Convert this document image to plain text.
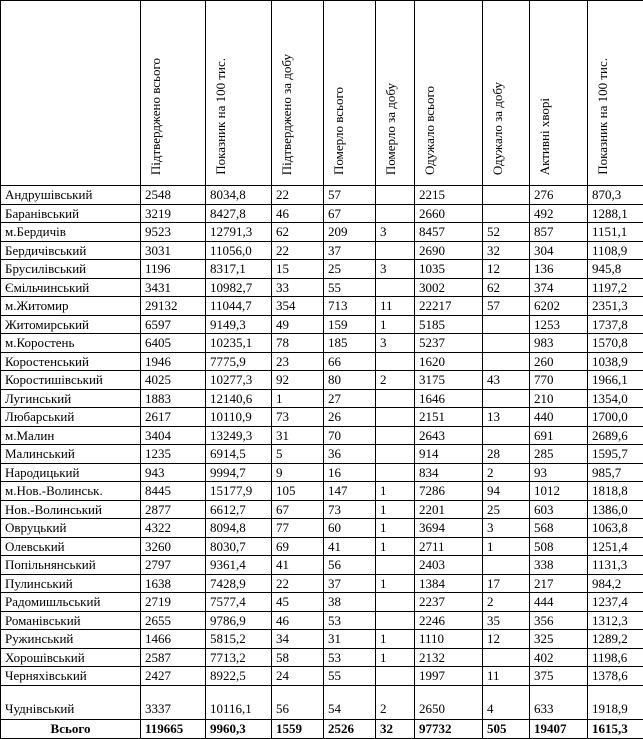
	Підтверджено всього	Показник на 100 тис.	Підтверджено за добу	Померло всього	Померло за добу	Одужало всього	Одужало за добу	Активні хворі	Показник на 100 тис.
Андрушівський	2548	8034,8	22	57		2215		276	870,3
Баранівський	3219	8427,8	46	67		2660		492	1288,1
м.Бердичів	9523	12791,3	62	209	3	8457	52	857	1151,1
Бердичівський	3031	11056,0	22	37		2690	32	304	1108,9
Брусилівський	1196	8317,1	15	25	3	1035	12	136	945,8
Ємільчинський	3431	10982,7	33	55		3002	62	374	1197,2
м.Житомир	29132	11044,7	354	713	11	22217	57	6202	2351,3
Житомирський	6597	9149,3	49	159	1	5185		1253	1737,8
м.Коростень	6405	10235,1	78	185	3	5237		983	1570,8
Коростенський	1946	7775,9	23	66		1620		260	1038,9
Коростишівський	4025	10277,3	92	80	2	3175	43	770	1966,1
Лугинський	1883	12140,6	1	27		1646		210	1354,0
Любарський	2617	10110,9	73	26		2151	13	440	1700,0
м.Малин	3404	13249,3	31	70		2643		691	2689,6
Малинський	1235	6914,5	5	36		914	28	285	1595,7
Народицький	943	9994,7	9	16		834	2	93	985,7
м.Нов.-Волинськ.	8445	15177,9	105	147	1	7286	94	1012	1818,8
Нов.-Волинський	2877	6612,7	67	73	1	2201	25	603	1386,0
Овруцький	4322	8094,8	77	60	1	3694	3	568	1063,8
Олевський	3260	8030,7	69	41	1	2711	1	508	1251,4
Попільнянський	2797	9361,4	41	56		2403		338	1131,3
Пулинський	1638	7428,9	22	37	1	1384	17	217	984,2
Радомишльський	2719	7577,4	45	38		2237	2	444	1237,4
Романівський	2655	9786,9	46	53		2246	35	356	1312,3
Ружинський	1466	5815,2	34	31	1	1110	12	325	1289,2
Хорошівський	2587	7713,2	58	53	1	2132		402	1198,6
Черняхівський	2427	8922,5	24	55		1997	11	375	1378,6
Чуднівський	3337	10116,1	56	54	2	2650	4	633	1918,9
Всього	119665	9960,3	1559	2526	32	97732	505	19407	1615,3
